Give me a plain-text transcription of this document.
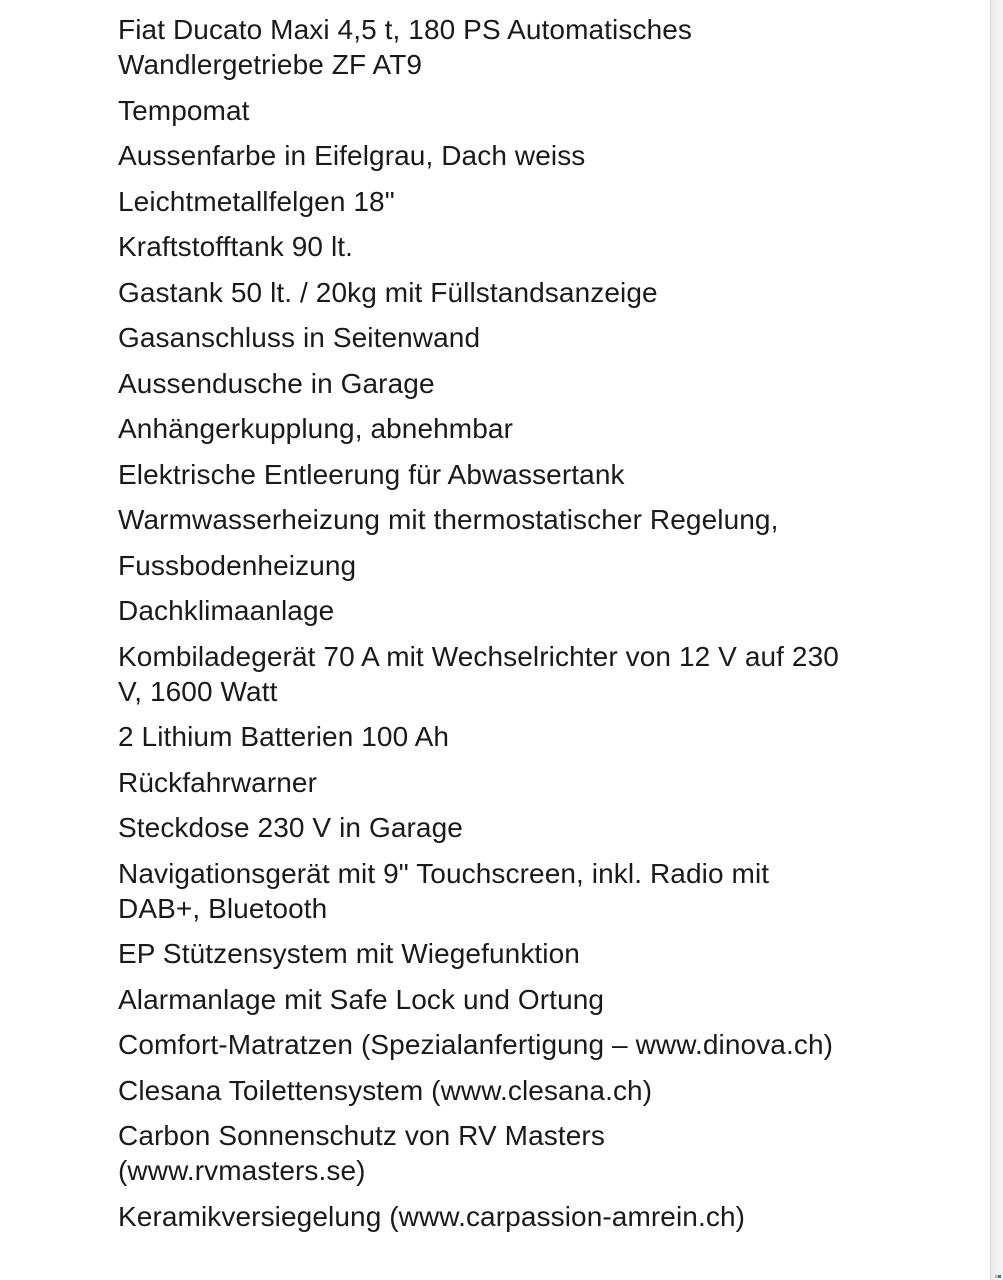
Fiat Ducato Maxi 4,5 t, 180 PS Automatisches Wandlergetriebe ZF AT9
Tempomat
Aussenfarbe in Eifelgrau, Dach weiss
Leichtmetallfelgen 18"
Kraftstofftank 90 lt.
Gastank 50 lt. / 20kg mit Füllstandsanzeige
Gasanschluss in Seitenwand
Aussendusche in Garage
Anhängerkupplung, abnehmbar
Elektrische Entleerung für Abwassertank
Warmwasserheizung mit thermostatischer Regelung,
Fussbodenheizung
Dachklimaanlage
Kombiladegerät 70 A mit Wechselrichter von 12 V auf 230 V, 1600 Watt
2 Lithium Batterien 100 Ah
Rückfahrwarner
Steckdose 230 V in Garage
Navigationsgerät mit 9" Touchscreen, inkl. Radio mit DAB+, Bluetooth
EP Stützensystem mit Wiegefunktion
Alarmanlage mit Safe Lock und Ortung
Comfort-Matratzen (Spezialanfertigung – www.dinova.ch)
Clesana Toilettensystem (www.clesana.ch)
Carbon Sonnenschutz von RV Masters (www.rvmasters.se)
Keramikversiegelung (www.carpassion-amrein.ch)
